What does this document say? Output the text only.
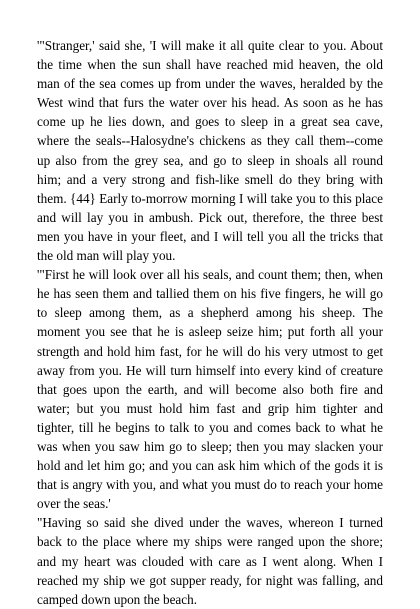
'"Stranger,' said she, 'I will make it all quite clear to you. About the time when the sun shall have reached mid heaven, the old man of the sea comes up from under the waves, heralded by the West wind that furs the water over his head. As soon as he has come up he lies down, and goes to sleep in a great sea cave, where the seals--Halosydne's chickens as they call them--come up also from the grey sea, and go to sleep in shoals all round him; and a very strong and fish-like smell do they bring with them. {44} Early to-morrow morning I will take you to this place and will lay you in ambush. Pick out, therefore, the three best men you have in your fleet, and I will tell you all the tricks that the old man will play you.

'"First he will look over all his seals, and count them; then, when he has seen them and tallied them on his five fingers, he will go to sleep among them, as a shepherd among his sheep. The moment you see that he is asleep seize him; put forth all your strength and hold him fast, for he will do his very utmost to get away from you. He will turn himself into every kind of creature that goes upon the earth, and will become also both fire and water; but you must hold him fast and grip him tighter and tighter, till he begins to talk to you and comes back to what he was when you saw him go to sleep; then you may slacken your hold and let him go; and you can ask him which of the gods it is that is angry with you, and what you must do to reach your home over the seas.'

"Having so said she dived under the waves, whereon I turned back to the place where my ships were ranged upon the shore; and my heart was clouded with care as I went along. When I reached my ship we got supper ready, for night was falling, and camped down upon the beach.
